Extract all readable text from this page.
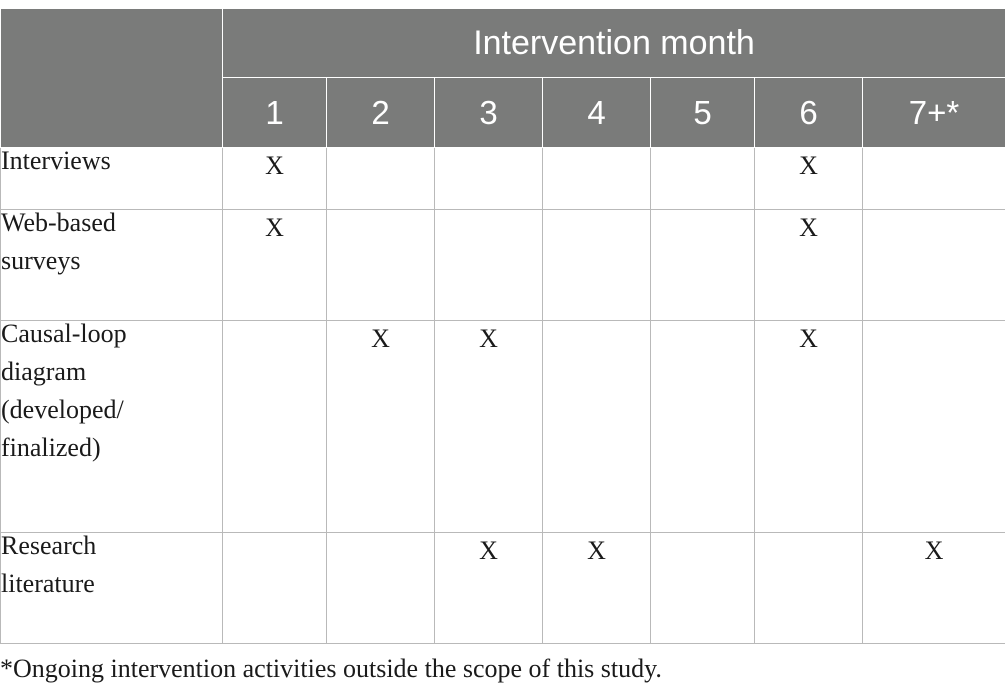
	Intervention month						
	1	2	3	4	5	6	7+*

Interviews	X					X	

Web-based
surveys	X					X	

Causal-loop
diagram
(developed/
finalized)		X	X			X	

Research
literature			X	X			X
*Ongoing intervention activities outside the scope of this study.
